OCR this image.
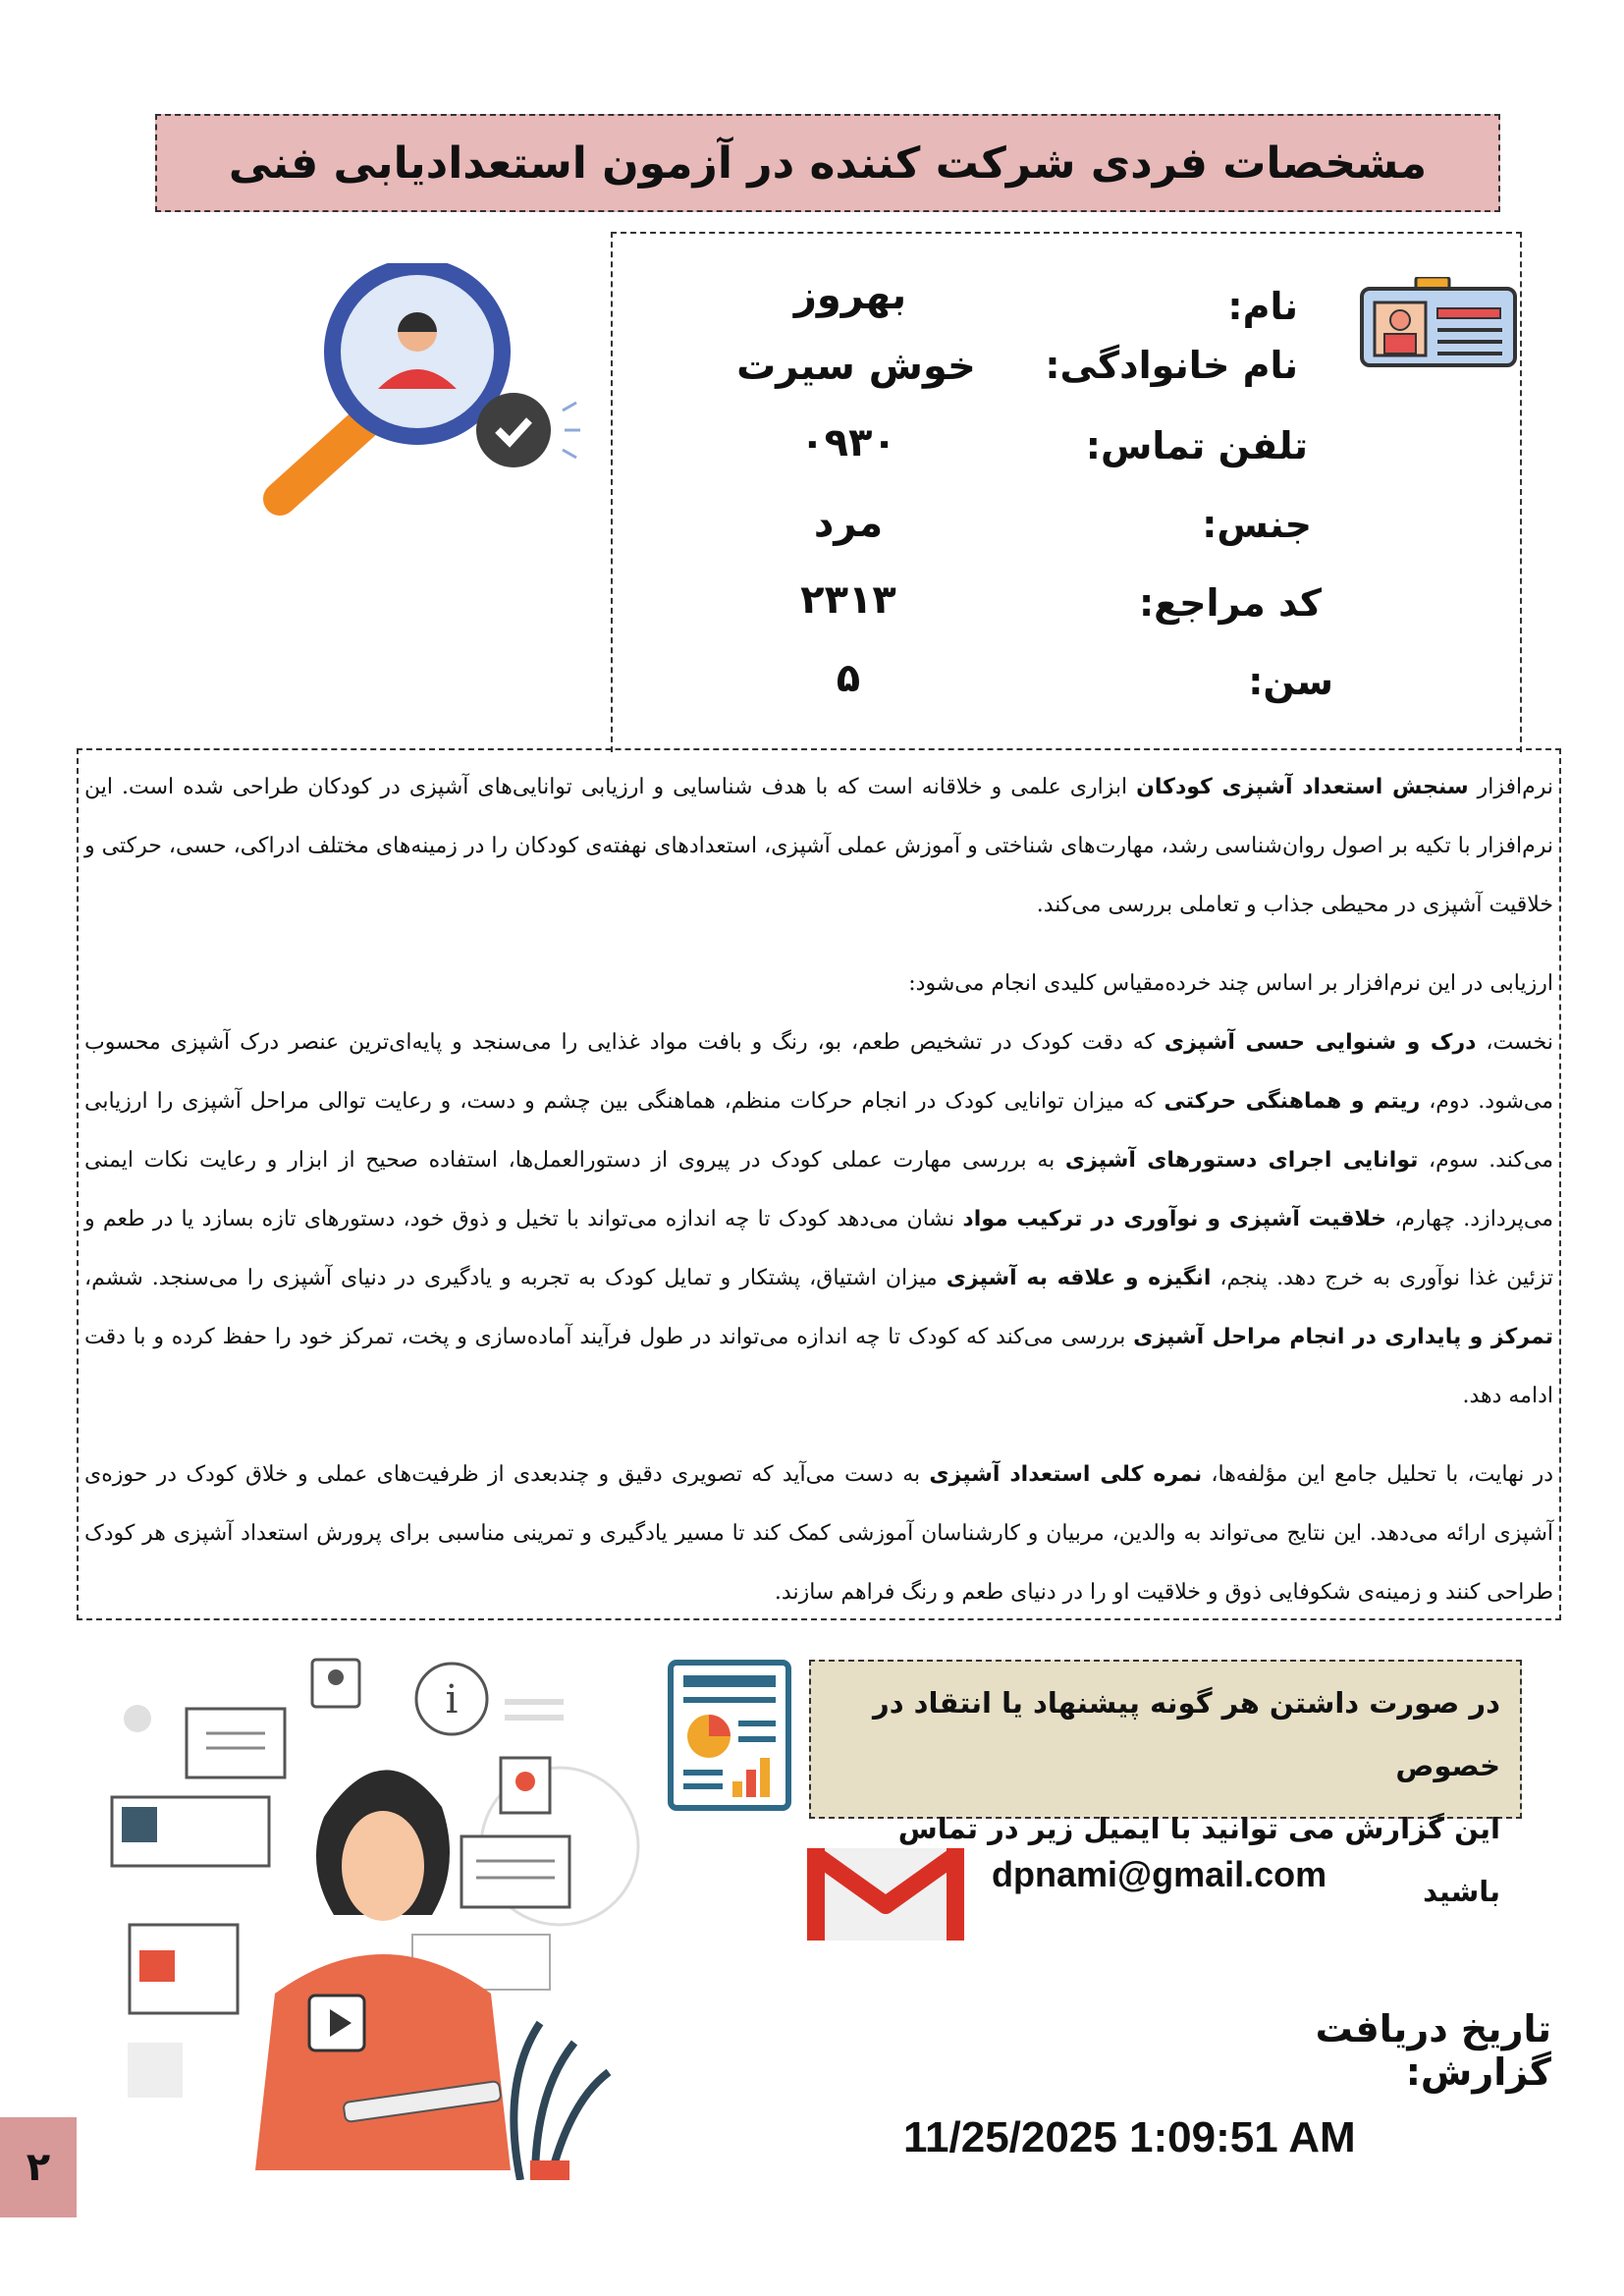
مشخصات فردی شرکت کننده در آزمون استعدادیابی فنی
نام:
بهروز
نام خانوادگی:
خوش سیرت
تلفن تماس:
۰۹۳۰
جنس:
مرد
کد مراجع:
۲۳۱۳
سن:
۵

نرم‌افزار سنجش استعداد آشپزی کودکان ابزاری علمی و خلاقانه است که با هدف شناسایی و ارزیابی توانایی‌های آشپزی در کودکان طراحی شده است. این نرم‌افزار با تکیه بر اصول روان‌شناسی رشد، مهارت‌های شناختی و آموزش عملی آشپزی، استعدادهای نهفته‌ی کودکان را در زمینه‌های مختلف ادراکی، حسی، حرکتی و خلاقیت آشپزی در محیطی جذاب و تعاملی بررسی می‌کند.

ارزیابی در این نرم‌افزار بر اساس چند خرده‌مقیاس کلیدی انجام می‌شود:

نخست، درک و شنوایی حسی آشپزی که دقت کودک در تشخیص طعم، بو، رنگ و بافت مواد غذایی را می‌سنجد و پایه‌ای‌ترین عنصر درک آشپزی محسوب می‌شود. دوم، ریتم و هماهنگی حرکتی که میزان توانایی کودک در انجام حرکات منظم، هماهنگی بین چشم و دست، و رعایت توالی مراحل آشپزی را ارزیابی می‌کند. سوم، توانایی اجرای دستورهای آشپزی به بررسی مهارت عملی کودک در پیروی از دستورالعمل‌ها، استفاده صحیح از ابزار و رعایت نکات ایمنی می‌پردازد. چهارم، خلاقیت آشپزی و نوآوری در ترکیب مواد نشان می‌دهد کودک تا چه اندازه می‌تواند با تخیل و ذوق خود، دستورهای تازه بسازد یا در طعم و تزئین غذا نوآوری به خرج دهد. پنجم، انگیزه و علاقه به آشپزی میزان اشتیاق، پشتکار و تمایل کودک به تجربه و یادگیری در دنیای آشپزی را می‌سنجد. ششم، تمرکز و پایداری در انجام مراحل آشپزی بررسی می‌کند که کودک تا چه اندازه می‌تواند در طول فرآیند آماده‌سازی و پخت، تمرکز خود را حفظ کرده و با دقت ادامه دهد.

در نهایت، با تحلیل جامع این مؤلفه‌ها، نمره کلی استعداد آشپزی به دست می‌آید که تصویری دقیق و چندبعدی از ظرفیت‌های عملی و خلاق کودک در حوزه‌ی آشپزی ارائه می‌دهد. این نتایج می‌تواند به والدین، مربیان و کارشناسان آموزشی کمک کند تا مسیر یادگیری و تمرینی مناسبی برای پرورش استعداد آشپزی هر کودک طراحی کنند و زمینه‌ی شکوفایی ذوق و خلاقیت او را در دنیای طعم و رنگ فراهم سازند.

i	در صورت داشتن هر گونه پیشنهاد یا انتقاد در خصوص
این گزارش می توانید با ایمیل زیر در تماس باشید
dpnami@gmail.com
تاریخ دریافت گزارش:
11/25/2025 1:09:51 AM
۲
